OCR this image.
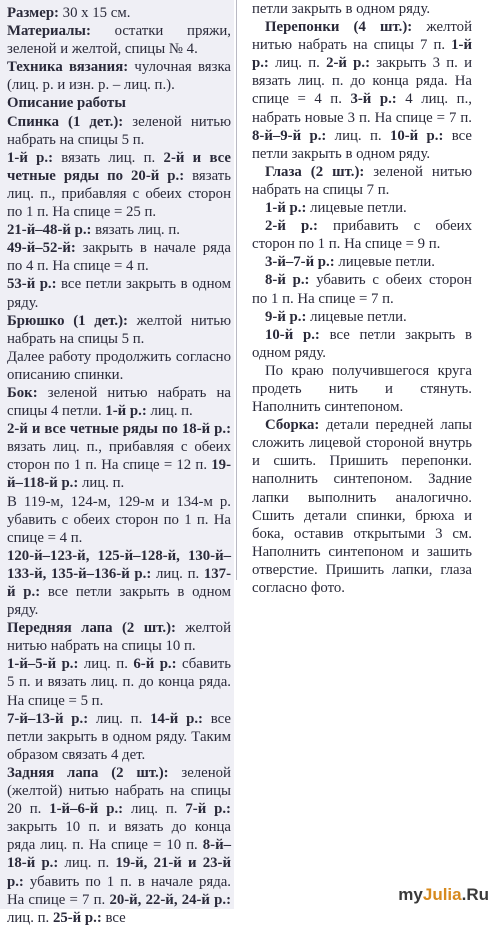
Размер: 30 х 15 см.

Материалы: остатки пряжи, зеленой и желтой, спицы № 4.

Техника вязания: чулочная вязка (лиц. р. и изн. р. – лиц. п.).

Описание работы

Спинка (1 дет.): зеленой нитью набрать на спицы 5 п.

1-й р.: вязать лиц. п. 2-й и все четные ряды по 20-й р.: вязать лиц. п., прибавляя с обеих сторон по 1 п. На спице = 25 п.

21-й–48-й р.: вязать лиц. п.

49-й–52-й: закрыть в начале ряда по 4 п. На спице = 4 п.

53-й р.: все петли закрыть в одном ряду.

Брюшко (1 дет.): желтой нитью набрать на спицы 5 п.

Далее работу продолжить согласно описанию спинки.

Бок: зеленой нитью набрать на спицы 4 петли. 1-й р.: лиц. п.

2-й и все четные ряды по 18-й р.: вязать лиц. п., прибавляя с обеих сторон по 1 п. На спице = 12 п. 19-й–118-й р.: лиц. п.

В 119-м, 124-м, 129-м и 134-м р. убавить с обеих сторон по 1 п. На спице = 4 п.

120-й–123-й, 125-й–128-й, 130-й–133-й, 135-й–136-й р.: лиц. п. 137-й р.: все петли закрыть в одном ряду.

Передняя лапа (2 шт.): желтой нитью набрать на спицы 10 п.

1-й–5-й р.: лиц. п. 6-й р.: сбавить 5 п. и вязать лиц. п. до конца ряда. На спице = 5 п.

7-й–13-й р.: лиц. п. 14-й р.: все петли закрыть в одном ряду. Таким образом связать 4 дет.

Задняя лапа (2 шт.): зеленой (желтой) нитью набрать на спицы 20 п. 1-й–6-й р.: лиц. п. 7-й р.: закрыть 10 п. и вязать до конца ряда лиц. п. На спице = 10 п. 8-й–18-й р.: лиц. п. 19-й, 21-й и 23-й р.: убавить по 1 п. в начале ряда. На спице = 7 п. 20-й, 22-й, 24-й р.: лиц. п. 25-й р.: все

петли закрыть в одном ряду.

Перепонки (4 шт.): желтой нитью набрать на спицы 7 п. 1-й р.: лиц. п. 2-й р.: закрыть 3 п. и вязать лиц. п. до конца ряда. На спице = 4 п. 3-й р.: 4 лиц. п., набрать новые 3 п. На спице = 7 п. 8-й–9-й р.: лиц. п. 10-й р.: все петли закрыть в одном ряду.

Глаза (2 шт.): зеленой нитью набрать на спицы 7 п.

1-й р.: лицевые петли.

2-й р.: прибавить с обеих сторон по 1 п. На спице = 9 п.

3-й–7-й р.: лицевые петли.

8-й р.: убавить с обеих сторон по 1 п. На спице = 7 п.

9-й р.: лицевые петли.

10-й р.: все петли закрыть в одном ряду.

По краю получившегося круга продеть нить и стянуть. Наполнить синтепоном.

Сборка: детали передней лапы сложить лицевой стороной внутрь и сшить. Пришить перепонки. наполнить синтепоном. Задние лапки выполнить аналогично. Сшить детали спинки, брюха и бока, оставив открытыми 3 см. Наполнить синтепоном и зашить отверстие. Пришить лапки, глаза согласно фото.

myJulia.Ru
